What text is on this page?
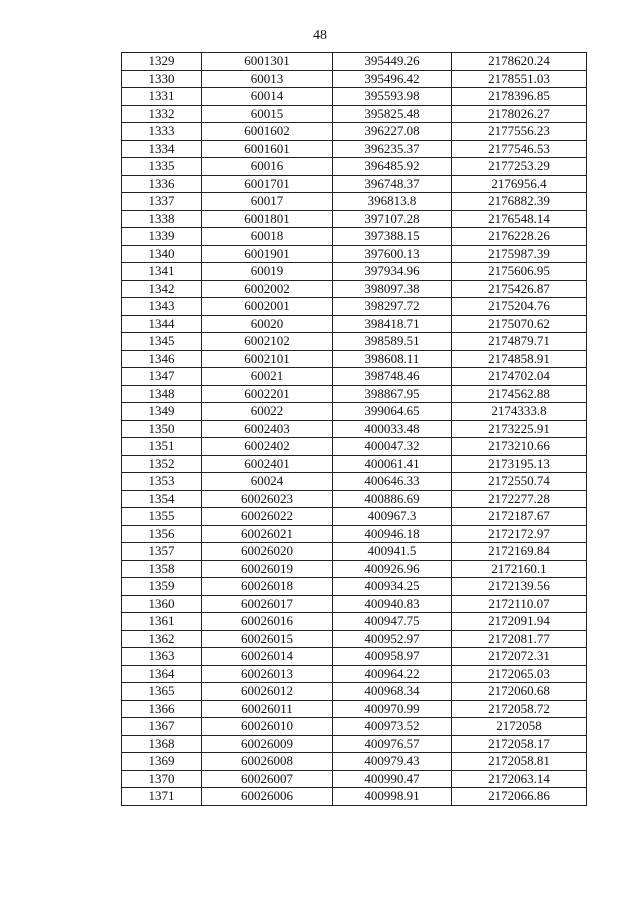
48
1329	6001301	395449.26	2178620.24
1330	60013	395496.42	2178551.03
1331	60014	395593.98	2178396.85
1332	60015	395825.48	2178026.27
1333	6001602	396227.08	2177556.23
1334	6001601	396235.37	2177546.53
1335	60016	396485.92	2177253.29
1336	6001701	396748.37	2176956.4
1337	60017	396813.8	2176882.39
1338	6001801	397107.28	2176548.14
1339	60018	397388.15	2176228.26
1340	6001901	397600.13	2175987.39
1341	60019	397934.96	2175606.95
1342	6002002	398097.38	2175426.87
1343	6002001	398297.72	2175204.76
1344	60020	398418.71	2175070.62
1345	6002102	398589.51	2174879.71
1346	6002101	398608.11	2174858.91
1347	60021	398748.46	2174702.04
1348	6002201	398867.95	2174562.88
1349	60022	399064.65	2174333.8
1350	6002403	400033.48	2173225.91
1351	6002402	400047.32	2173210.66
1352	6002401	400061.41	2173195.13
1353	60024	400646.33	2172550.74
1354	60026023	400886.69	2172277.28
1355	60026022	400967.3	2172187.67
1356	60026021	400946.18	2172172.97
1357	60026020	400941.5	2172169.84
1358	60026019	400926.96	2172160.1
1359	60026018	400934.25	2172139.56
1360	60026017	400940.83	2172110.07
1361	60026016	400947.75	2172091.94
1362	60026015	400952.97	2172081.77
1363	60026014	400958.97	2172072.31
1364	60026013	400964.22	2172065.03
1365	60026012	400968.34	2172060.68
1366	60026011	400970.99	2172058.72
1367	60026010	400973.52	2172058
1368	60026009	400976.57	2172058.17
1369	60026008	400979.43	2172058.81
1370	60026007	400990.47	2172063.14
1371	60026006	400998.91	2172066.86
